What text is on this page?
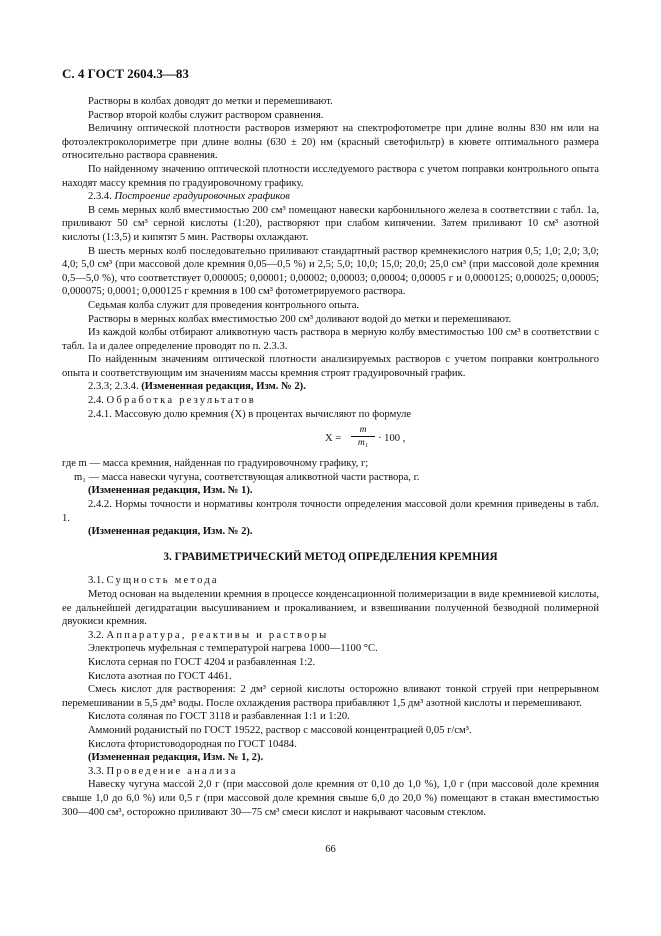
С. 4 ГОСТ 2604.3—83

Растворы в колбах доводят до метки и перемешивают.

Раствор второй колбы служит раствором сравнения.

Величину оптической плотности растворов измеряют на спектрофотометре при длине волны 830 нм или на фотоэлектроколориметре при длине волны (630 ± 20) нм (красный светофильтр) в кювете оптимального размера относительно раствора сравнения.

По найденному значению оптической плотности исследуемого раствора с учетом поправки контрольного опыта находят массу кремния по градуировочному графику.

2.3.4. Построение градуировочных графиков

В семь мерных колб вместимостью 200 см³ помещают навески карбонильного железа в соответствии с табл. 1а, приливают 50 см³ серной кислоты (1:20), растворяют при слабом кипячении. Затем приливают 10 см³ азотной кислоты (1:3,5) и кипятят 5 мин. Растворы охлаждают.

В шесть мерных колб последовательно приливают стандартный раствор кремнекислого натрия 0,5; 1,0; 2,0; 3,0; 4,0; 5,0 см³ (при массовой доле кремния 0,05—0,5 %) и 2,5; 5,0; 10,0; 15,0; 20,0; 25,0 см³ (при массовой доле кремния 0,5—5,0 %), что соответствует 0,000005; 0,00001; 0,00002; 0,00003; 0,00004; 0,00005 г и 0,0000125; 0,000025; 0,00005; 0,000075; 0,0001; 0,000125 г кремния в 100 см³ фотометрируемого раствора.

Седьмая колба служит для проведения контрольного опыта.

Растворы в мерных колбах вместимостью 200 см³ доливают водой до метки и перемешивают.

Из каждой колбы отбирают аликвотную часть раствора в мерную колбу вместимостью 100 см³ в соответствии с табл. 1а и далее определение проводят по п. 2.3.3.

По найденным значениям оптической плотности анализируемых растворов с учетом поправки контрольного опыта и соответствующим им значениям массы кремния строят градуировочный график.

2.3.3; 2.3.4. (Измененная редакция, Изм. № 2).

2.4. Обработка результатов

2.4.1. Массовую долю кремния (X) в процентах вычисляют по формуле

$X = \frac{m}{\text{m₁}} \cdot 100$ ,

где m — масса кремния, найденная по градуировочному графику, г;

m₁ — масса навески чугуна, соответствующая аликвотной части раствора, г.

(Измененная редакция, Изм. № 1).

2.4.2. Нормы точности и нормативы контроля точности определения массовой доли кремния приведены в табл. 1.

(Измененная редакция, Изм. № 2).

3. ГРАВИМЕТРИЧЕСКИЙ МЕТОД ОПРЕДЕЛЕНИЯ КРЕМНИЯ

3.1. Сущность метода

Метод основан на выделении кремния в процессе конденсационной полимеризации в виде кремниевой кислоты, ее дальнейшей дегидратации высушиванием и прокаливанием, и взвешивании полученной безводной полимерной двуокиси кремния.

3.2. Аппаратура, реактивы и растворы

Электропечь муфельная с температурой нагрева 1000—1100 °С.

Кислота серная по ГОСТ 4204 и разбавленная 1:2.

Кислота азотная по ГОСТ 4461.

Смесь кислот для растворения: 2 дм³ серной кислоты осторожно вливают тонкой струей при непрерывном перемешивании в 5,5 дм³ воды. После охлаждения раствора прибавляют 1,5 дм³ азотной кислоты и перемешивают.

Кислота соляная по ГОСТ 3118 и разбавленная 1:1 и 1:20.

Аммоний роданистый по ГОСТ 19522, раствор с массовой концентрацией 0,05 г/см³.

Кислота фтористоводородная по ГОСТ 10484.

(Измененная редакция, Изм. № 1, 2).

3.3. Проведение анализа

Навеску чугуна массой 2,0 г (при массовой доле кремния от 0,10 до 1,0 %), 1,0 г (при массовой доле кремния свыше 1,0 до 6,0 %) или 0,5 г (при массовой доле кремния свыше 6,0 до 20,0 %) помещают в стакан вместимостью 300—400 см³, осторожно приливают 30—75 см³ смеси кислот и накрывают часовым стеклом.

66
